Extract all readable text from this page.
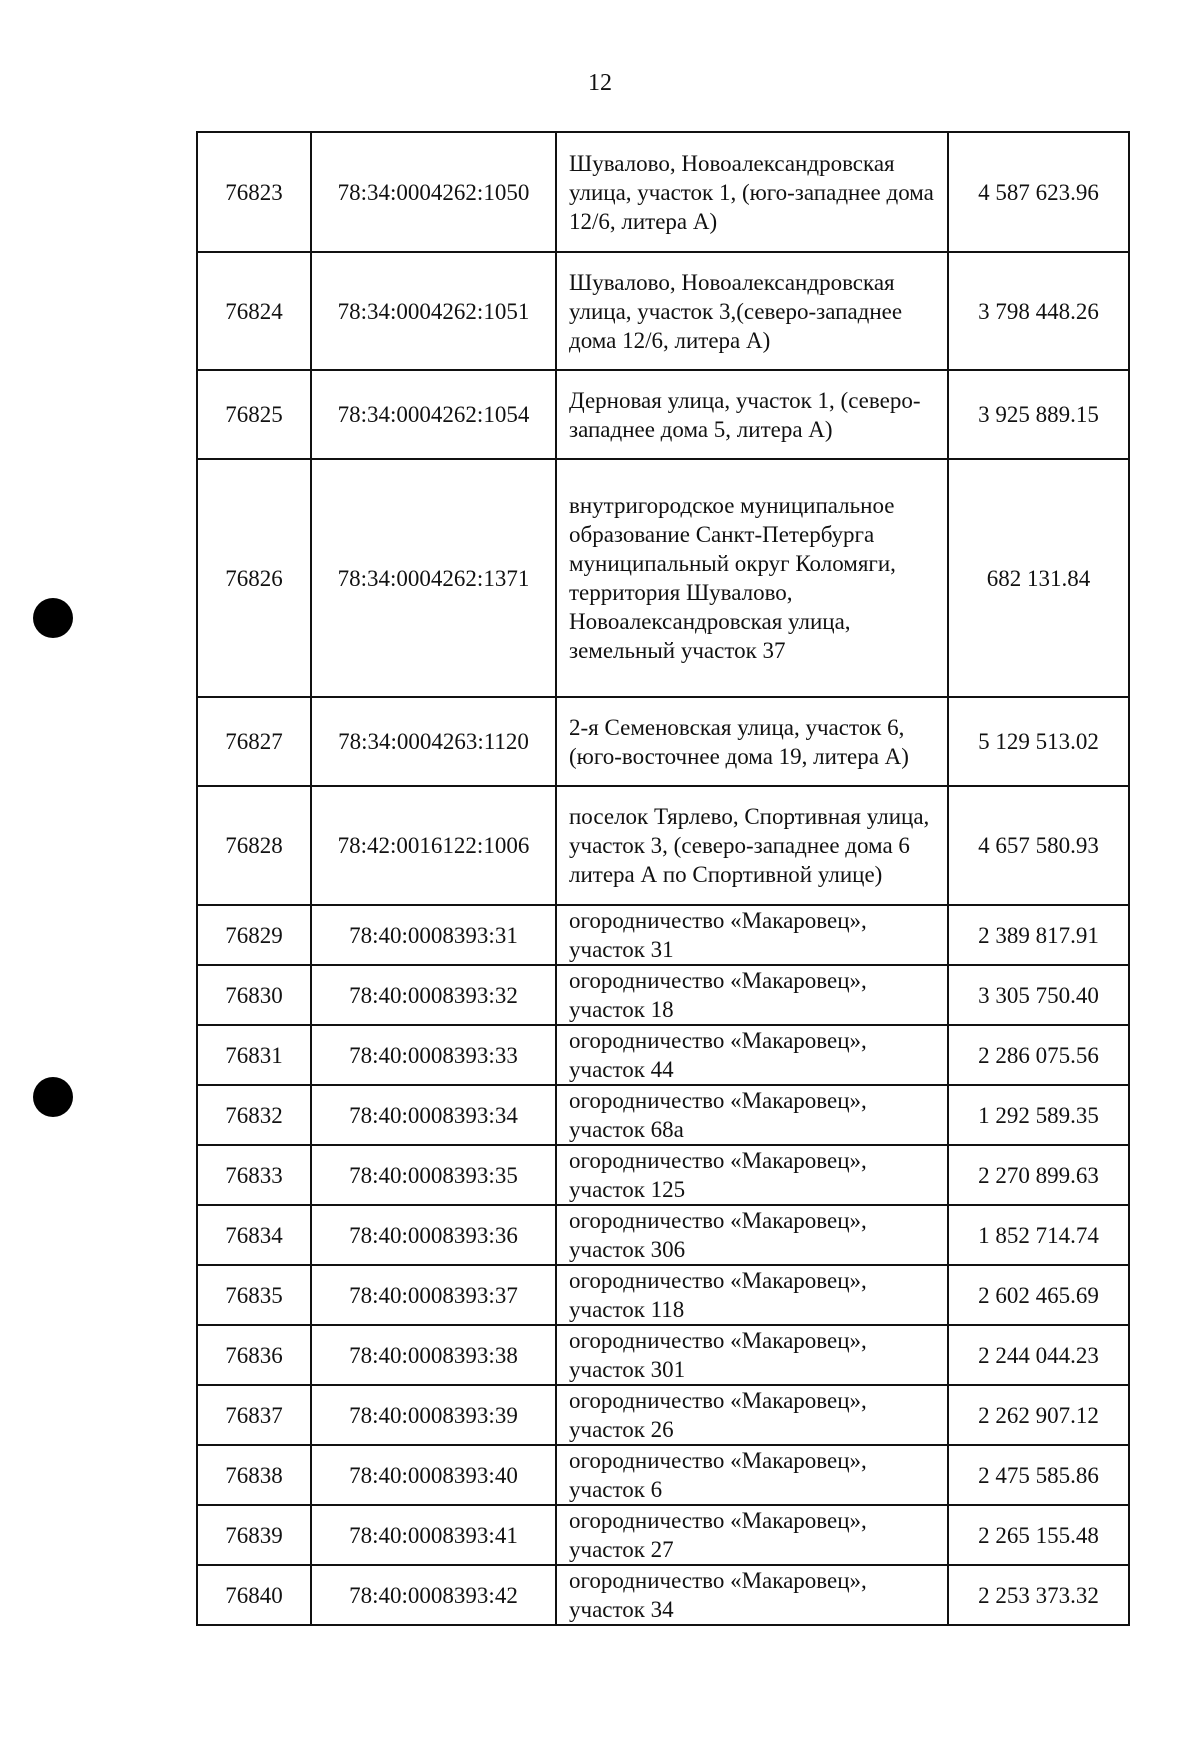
12
76823	78:34:0004262:1050	Шувалово, Новоалександровская улица, участок 1, (юго-западнее дома 12/6, литера А)	4 587 623.96
76824	78:34:0004262:1051	Шувалово, Новоалександровская улица, участок 3,(северо-западнее дома 12/6, литера А)	3 798 448.26
76825	78:34:0004262:1054	Дерновая улица, участок 1, (северо-западнее дома 5, литера А)	3 925 889.15
76826	78:34:0004262:1371	внутригородское муниципальное образование Санкт-Петербурга муниципальный округ Коломяги, территория Шувалово, Новоалександровская улица, земельный участок 37	682 131.84
76827	78:34:0004263:1120	2-я Семеновская улица, участок 6, (юго-восточнее дома 19, литера А)	5 129 513.02
76828	78:42:0016122:1006	поселок Тярлево, Спортивная улица, участок 3, (северо-западнее дома 6 литера А по Спортивной улице)	4 657 580.93
76829	78:40:0008393:31	огородничество «Макаровец», участок 31	2 389 817.91
76830	78:40:0008393:32	огородничество «Макаровец», участок 18	3 305 750.40
76831	78:40:0008393:33	огородничество «Макаровец», участок 44	2 286 075.56
76832	78:40:0008393:34	огородничество «Макаровец», участок 68а	1 292 589.35
76833	78:40:0008393:35	огородничество «Макаровец», участок 125	2 270 899.63
76834	78:40:0008393:36	огородничество «Макаровец», участок 306	1 852 714.74
76835	78:40:0008393:37	огородничество «Макаровец», участок 118	2 602 465.69
76836	78:40:0008393:38	огородничество «Макаровец», участок 301	2 244 044.23
76837	78:40:0008393:39	огородничество «Макаровец», участок 26	2 262 907.12
76838	78:40:0008393:40	огородничество «Макаровец», участок 6	2 475 585.86
76839	78:40:0008393:41	огородничество «Макаровец», участок 27	2 265 155.48
76840	78:40:0008393:42	огородничество «Макаровец», участок 34	2 253 373.32
